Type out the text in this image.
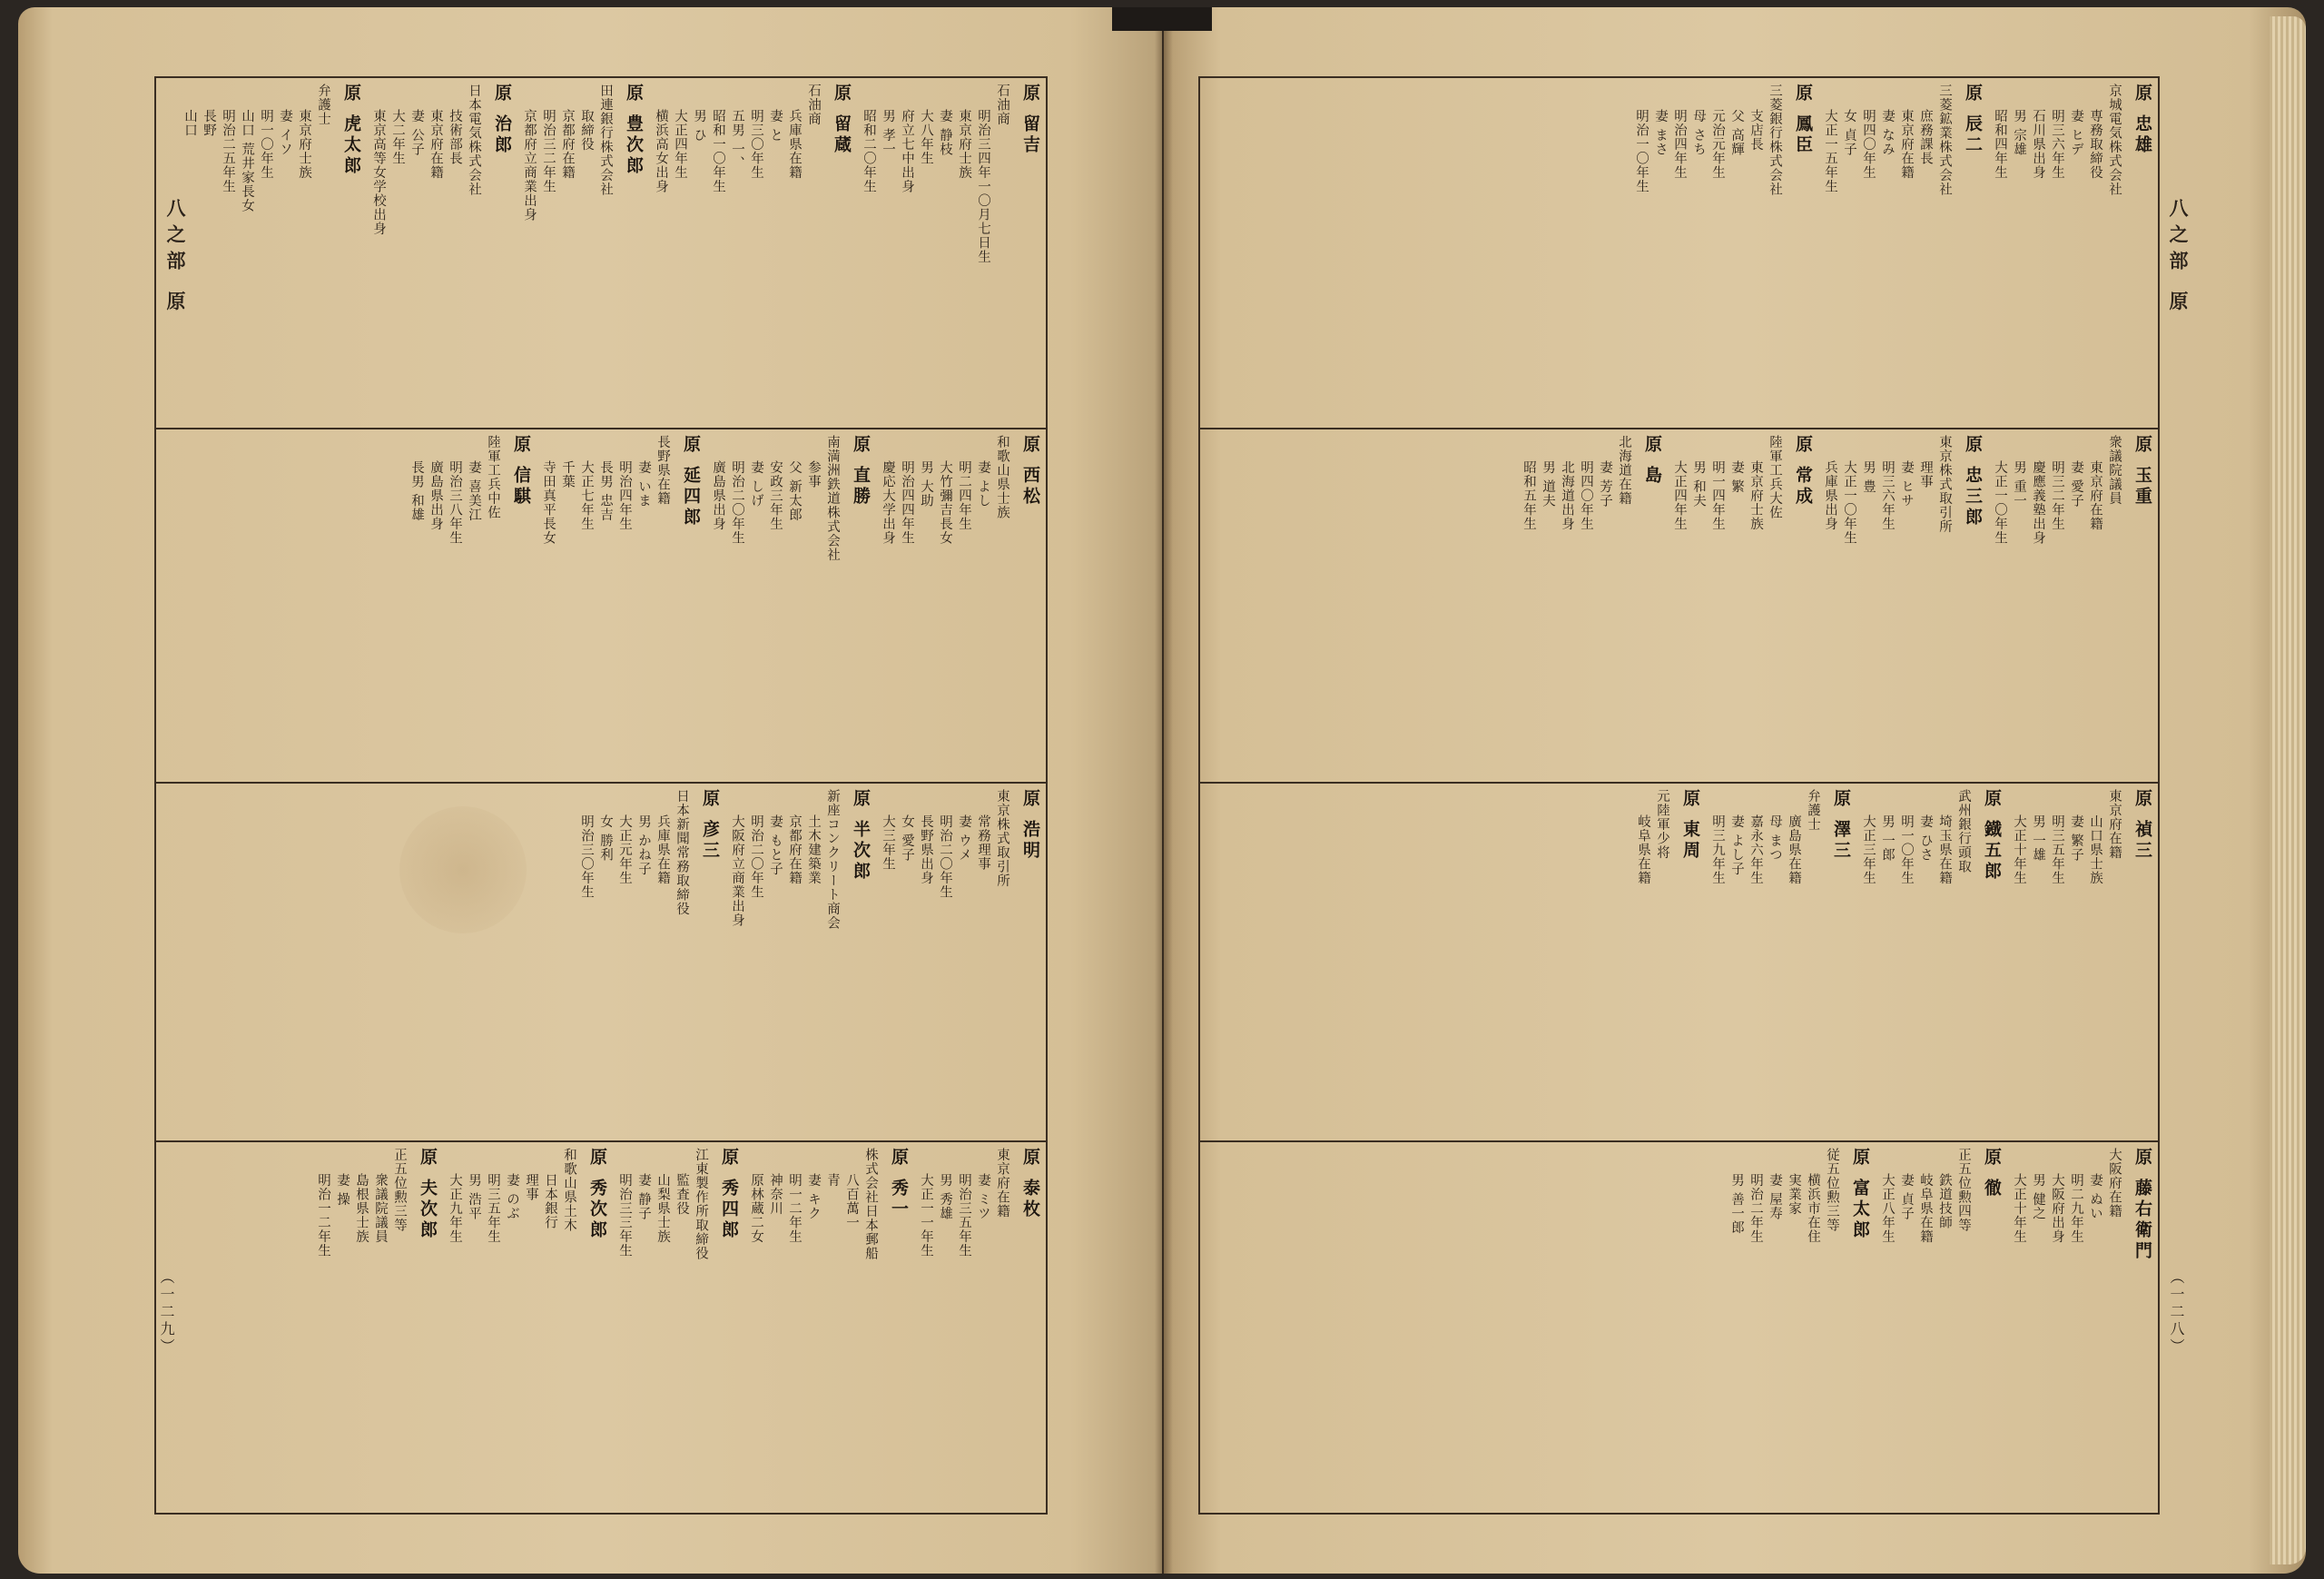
八之部 原
（一二九）
原 留吉
石油商
明治三四年一〇月七日生
東京府士族
妻 静枝
大八年生
府立七中出身
男 孝一
昭和二〇年生
原 留蔵
石油商
兵庫県在籍
妻 と
明三〇年生
五男 一、
昭和一〇年生
男 ひ
大正四年生
横浜高女出身
原 豊次郎
田連銀行株式会社
取締役
京都府在籍
明治三二年生
京都府立商業出身
原 治郎
日本電気株式会社
技術部長
東京府在籍
妻 公子
大二年生
東京高等女学校出身
原 虎太郎
弁護士
東京府士族
妻 イソ
明一〇年生
山口 荒井家長女
明治二五年生
長野
山口
原 西松
和歌山県士族
妻 よし
明二四年生
大竹彌吉長女
男 大助
明治四四年生
慶応大学出身
原 直勝
南満洲鉄道株式会社
参事
父 新太郎
安政三年生
妻 しげ
明治二〇年生
廣島県出身
原 延四郎
長野県在籍
妻 いま
明治四年生
長男 忠吉
大正七年生
千葉
寺田真平長女
原 信騏
陸軍工兵中佐
妻 喜美江
明治三八年生
廣島県出身
長男 和雄
原 浩明
東京株式取引所
常務理事
妻 ウメ
明治二〇年生
長野県出身
女 愛子
大三年生
原 半次郎
新座コンクリート商会
土木建築業
京都府在籍
妻 もと子
明治二〇年生
大阪府立商業出身
原 彦三
日本新聞常務取締役
兵庫県在籍
男 かね子
大正元年生
女 勝利
明治三〇年生
原 泰枚
東京府在籍
妻 ミツ
明治三五年生
男 秀雄
大正一一年生
原 秀一
株式会社日本郵船
八百萬一
青
妻 キク
明一二年生
神奈川
原林蔵二女
原 秀四郎
江東製作所取締役
監査役
山梨県士族
妻 静子
明治三三年生
原 秀次郎
和歌山県土木
日本銀行
理事
妻 のぶ
明三五年生
男 浩平
大正九年生
原 夫次郎
正五位勲三等
衆議院議員
島根県士族
妻 操
明治一二年生
八之部 原
（一二八）
原 忠雄
京城電気株式会社
専務取締役
妻 ヒデ
明三六年生
石川県出身
男 宗雄
昭和四年生
原 辰二
三菱鉱業株式会社
庶務課長
東京府在籍
妻 なみ
明四〇年生
女 貞子
大正一五年生
原 鳳臣
三菱銀行株式会社
支店長
父 高輝
元治元年生
母 さち
明治四年生
妻 まさ
明治一〇年生
原 玉重
衆議院議員
東京府在籍
妻 愛子
明三二年生
慶應義塾出身
男 重一
大正一〇年生
原 忠三郎
東京株式取引所
理事
妻 ヒサ
明三六年生
男 豊
大正一〇年生
兵庫県出身
原 常成
陸軍工兵大佐
東京府士族
妻 繁
明一四年生
男 和夫
大正四年生
原 島
北海道在籍
妻 芳子
明四〇年生
北海道出身
男 道夫
昭和五年生
原 禎三
東京府在籍
山口県士族
妻 繁子
明三五年生
男 一雄
大正十年生
原 鐡五郎
武州銀行頭取
埼玉県在籍
妻 ひさ
明一〇年生
男 一郎
大正三年生
原 澤三
弁護士
廣島県在籍
母 まつ
嘉永六年生
妻 よし子
明三九年生
原 東周
元陸軍少将
岐阜県在籍
原 藤右衛門
大阪府在籍
妻 ぬい
明二九年生
大阪府出身
男 健之
大正十年生
原 徹
正五位勲四等
鉄道技師
岐阜県在籍
妻 貞子
大正八年生
原 富太郎
従五位勲三等
横浜市在住
実業家
妻 屋寿
明治二年生
男 善一郎
